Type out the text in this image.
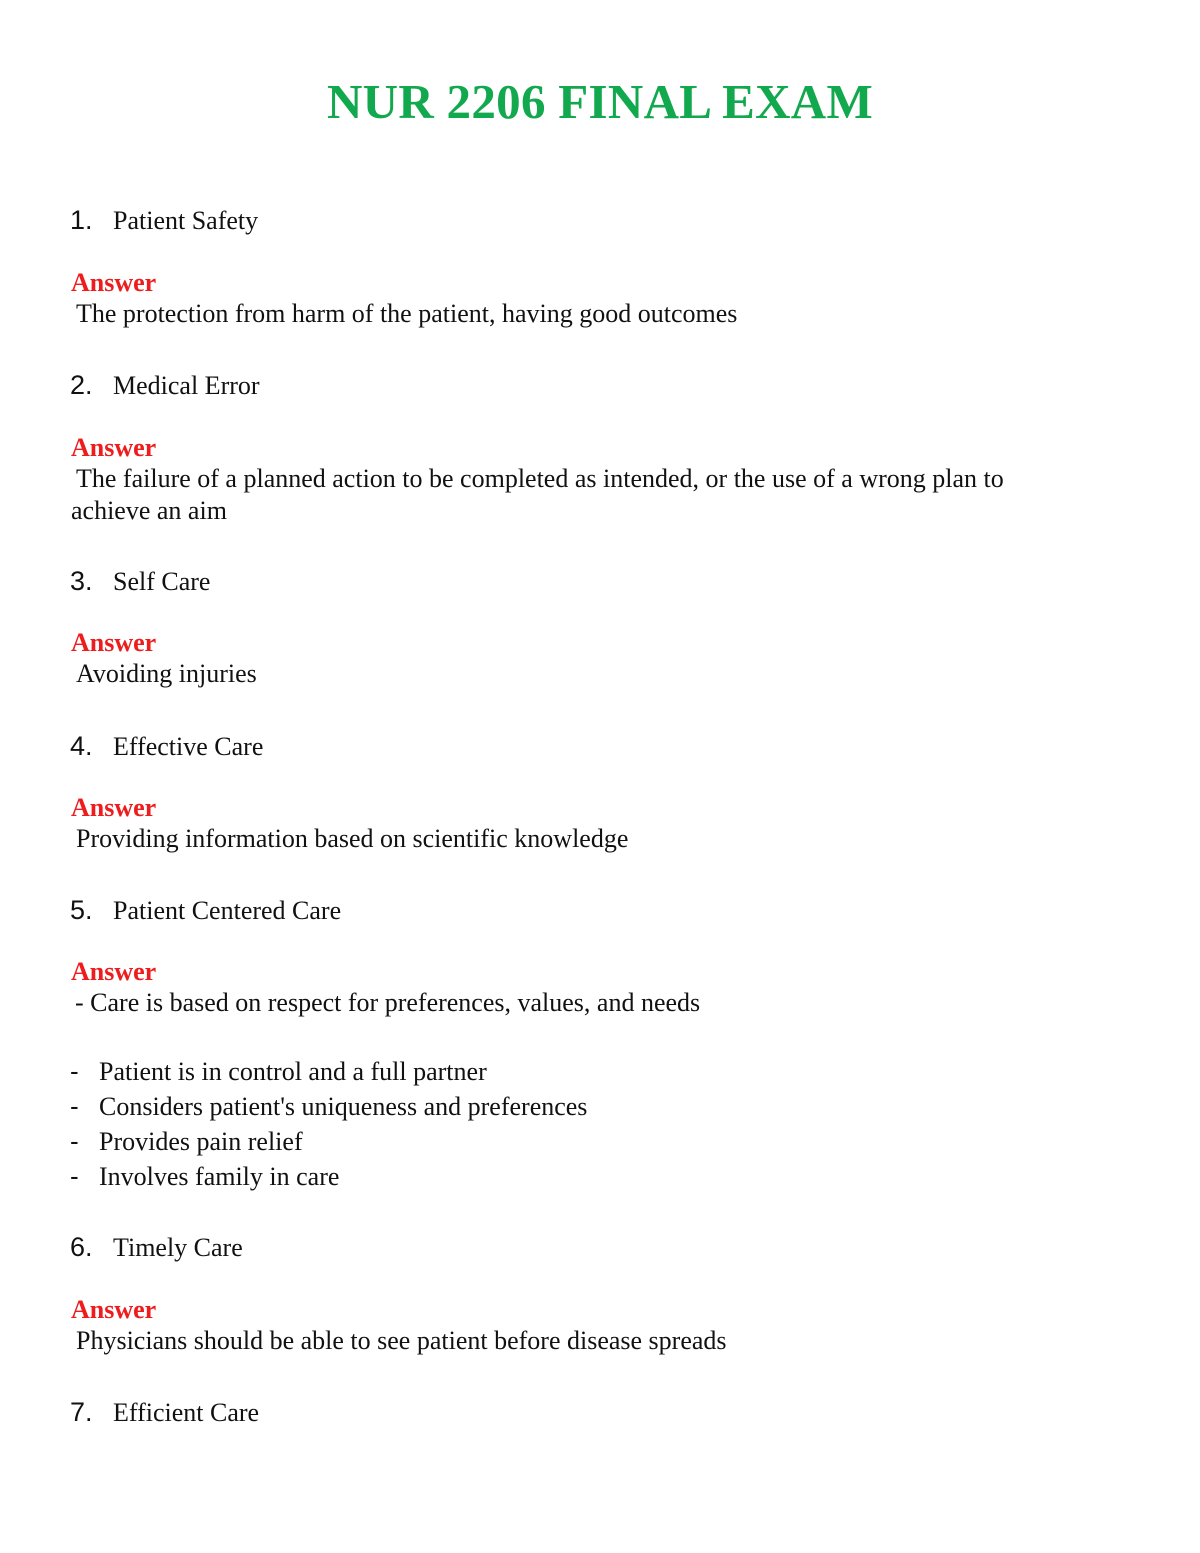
NUR 2206 FINAL EXAM
1. Patient Safety
Answer
The protection from harm of the patient, having good outcomes
2. Medical Error
Answer
The failure of a planned action to be completed as intended, or the use of a wrong plan to achieve an aim
3. Self Care
Answer
Avoiding injuries
4. Effective Care
Answer
Providing information based on scientific knowledge
5. Patient Centered Care
Answer
- Care is based on respect for preferences, values, and needs
- Patient is in control and a full partner
- Considers patient's uniqueness and preferences
- Provides pain relief
- Involves family in care
6. Timely Care
Answer
Physicians should be able to see patient before disease spreads
7. Efficient Care
